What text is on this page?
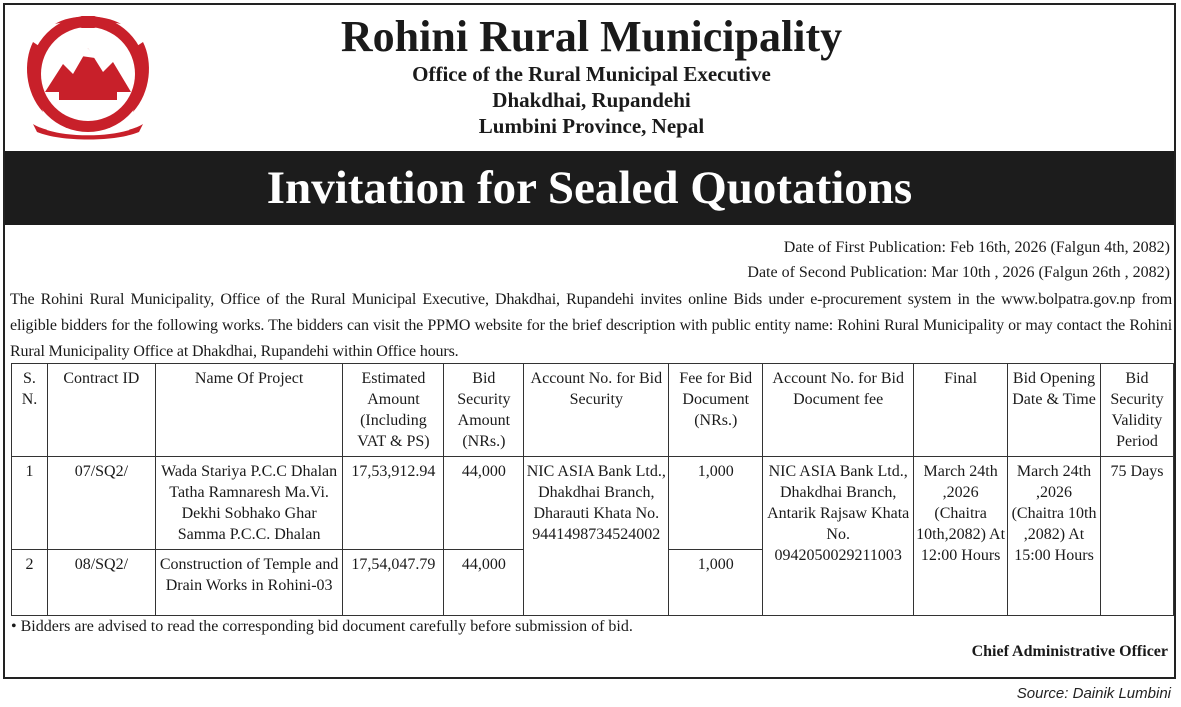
Rohini Rural Municipality
Office of the Rural Municipal Executive
Dhakdhai, Rupandehi
Lumbini Province, Nepal
Invitation for Sealed Quotations
Date of First Publication: Feb 16th, 2026 (Falgun 4th, 2082)
Date of Second Publication: Mar 10th , 2026 (Falgun 26th , 2082)
The Rohini Rural Municipality, Office of the Rural Municipal Executive, Dhakdhai, Rupandehi invites online Bids under e-procurement system in the www.bolpatra.gov.np from eligible bidders for the following works. The bidders can visit the PPMO website for the brief description with public entity name: Rohini Rural Municipality or may contact the Rohini Rural Municipality Office at Dhakdhai, Rupandehi within Office hours.
S. N.	Contract ID	Name Of Project	Estimated Amount (Including VAT & PS)	Bid Security Amount (NRs.)	Account No. for Bid Security	Fee for Bid Document (NRs.)	Account No. for Bid Document fee	Final	Bid Opening Date & Time	Bid Security Validity Period
1	07/SQ2/	Wada Stariya P.C.C Dhalan Tatha Ramnaresh Ma.Vi. Dekhi Sobhako Ghar Samma P.C.C. Dhalan	17,53,912.94	44,000	NIC ASIA Bank Ltd., Dhakdhai Branch, Dharauti Khata No. 9441498734524002	1,000	NIC ASIA Bank Ltd., Dhakdhai Branch, Antarik Rajsaw Khata No. 0942050029211003	March 24th ,2026 (Chaitra 10th,2082) At 12:00 Hours	March 24th ,2026 (Chaitra 10th ,2082) At 15:00 Hours	75 Days
2	08/SQ2/	Construction of Temple and Drain Works in Rohini-03	17,54,047.79	44,000		1,000				
• Bidders are advised to read the corresponding bid document carefully before submission of bid.
Chief Administrative Officer
Source: Dainik Lumbini
